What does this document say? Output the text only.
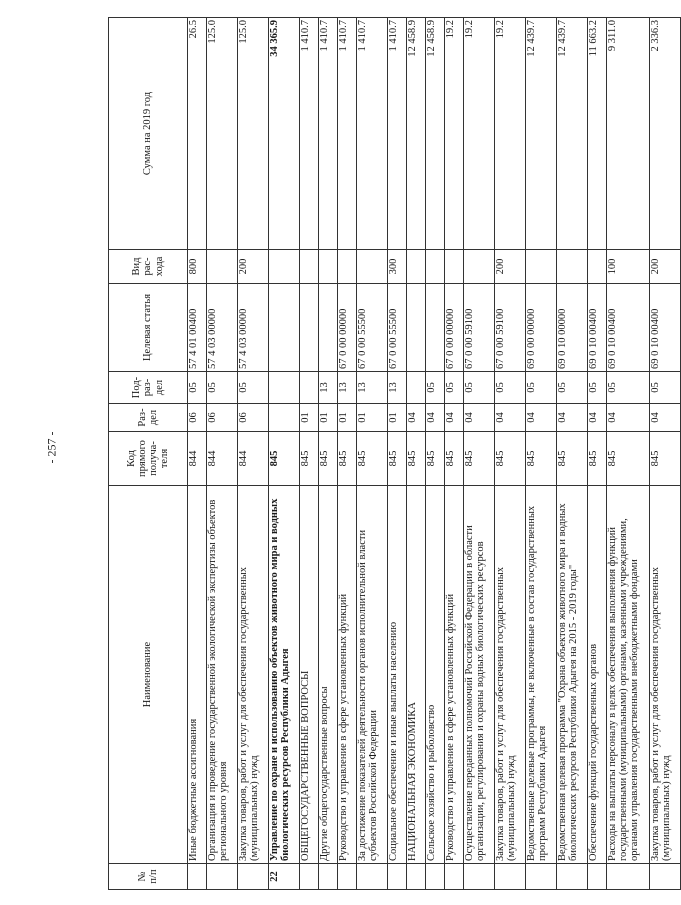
- 257 -
№ п/п	Наименование	Код прямого получа-теля	Раз-дел	Под-раз-дел	Целевая статья	Вид рас-хода	Сумма на 2019 год
	Иные бюджетные ассигнования	844	06	05	57 4 01 00400	800	26.5
	Организация и проведение государственной экологической экспертизы объектов регионального уровня	844	06	05	57 4 03 00000		125.0
	Закупка товаров, работ и услуг для обеспечения государственных (муниципальных) нужд	844	06	05	57 4 03 00000	200	125.0
22	Управление по охране и использованию объектов животного мира и водных биологических ресурсов Республики Адыгея	845					34 365.9
	ОБЩЕГОСУДАРСТВЕННЫЕ ВОПРОСЫ	845	01				1 410.7
	Другие общегосударственные вопросы	845	01	13			1 410.7
	Руководство и управление в сфере установленных функций	845	01	13	67 0 00 00000		1 410.7
	За достижение показателей деятельности органов исполнительной власти субъектов Российской Федерации	845	01	13	67 0 00 55500		1 410.7
	Социальное обеспечение и иные выплаты населению	845	01	13	67 0 00 55500	300	1 410.7
	НАЦИОНАЛЬНАЯ ЭКОНОМИКА	845	04				12 458.9
	Сельское хозяйство и рыболовство	845	04	05			12 458.9
	Руководство и управление в сфере установленных функций	845	04	05	67 0 00 00000		19.2
	Осуществление переданных полномочий Российской Федерации в области организации, регулирования и охраны водных биологических ресурсов	845	04	05	67 0 00 59100		19.2
	Закупка товаров, работ и услуг для обеспечения государственных (муниципальных) нужд	845	04	05	67 0 00 59100	200	19.2
	Ведомственные целевые программы, не включенные в состав государственных программ Республики Адыгея	845	04	05	69 0 00 00000		12 439.7
	Ведомственная целевая программа "Охрана объектов животного мира и водных биологических ресурсов Республики Адыгея на 2015 - 2019 годы"	845	04	05	69 0 10 00000		12 439.7
	Обеспечение функций государственных органов	845	04	05	69 0 10 00400		11 663.2
	Расходы на выплаты персоналу в целях обеспечения выполнения функций государственными (муниципальными) органами, казенными учреждениями, органами управления государственными внебюджетными фондами	845	04	05	69 0 10 00400	100	9 311.0
	Закупка товаров, работ и услуг для обеспечения государственных (муниципальных) нужд	845	04	05	69 0 10 00400	200	2 336.3
